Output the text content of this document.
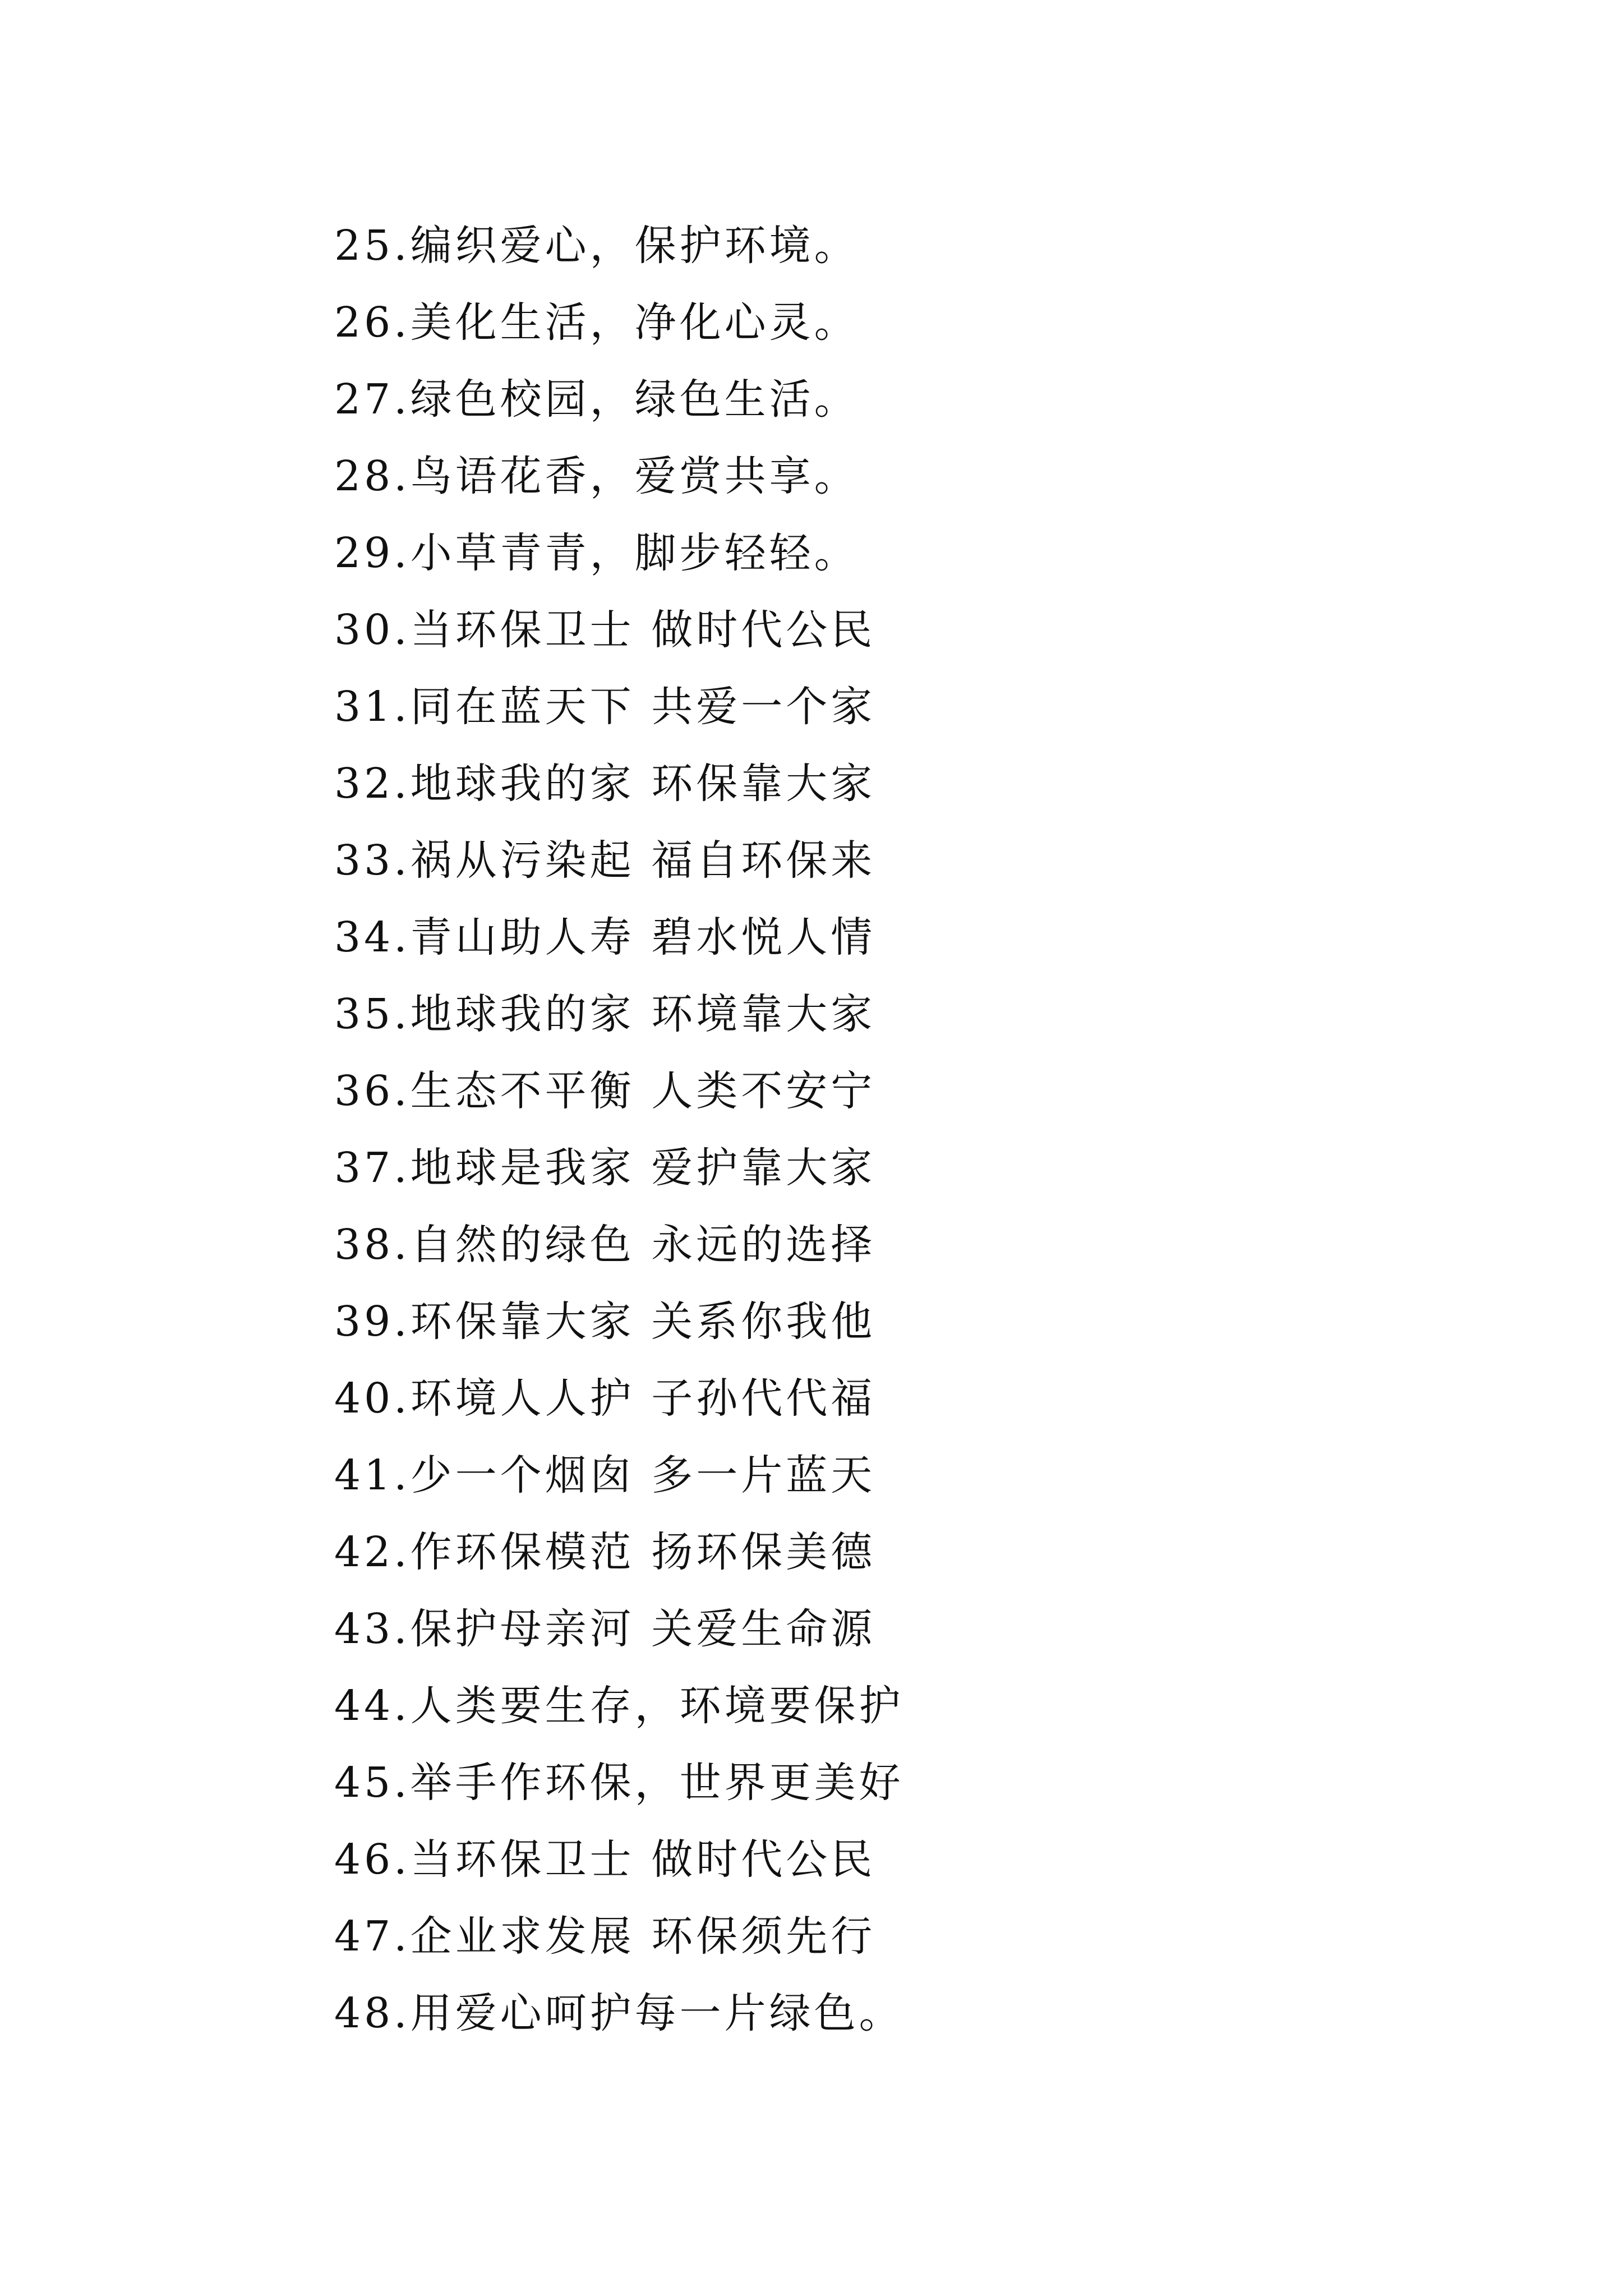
25.编织爱心，保护环境。
26.美化生活，净化心灵。
27.绿色校园，绿色生活。
28.鸟语花香，爱赏共享。
29.小草青青，脚步轻轻。
30.当环保卫士 做时代公民
31.同在蓝天下 共爱一个家
32.地球我的家 环保靠大家
33.祸从污染起 福自环保来
34.青山助人寿 碧水悦人情
35.地球我的家 环境靠大家
36.生态不平衡 人类不安宁
37.地球是我家 爱护靠大家
38.自然的绿色 永远的选择
39.环保靠大家 关系你我他
40.环境人人护 子孙代代福
41.少一个烟囱 多一片蓝天
42.作环保模范 扬环保美德
43.保护母亲河 关爱生命源
44.人类要生存，环境要保护
45.举手作环保，世界更美好
46.当环保卫士 做时代公民
47.企业求发展 环保须先行
48.用爱心呵护每一片绿色。
